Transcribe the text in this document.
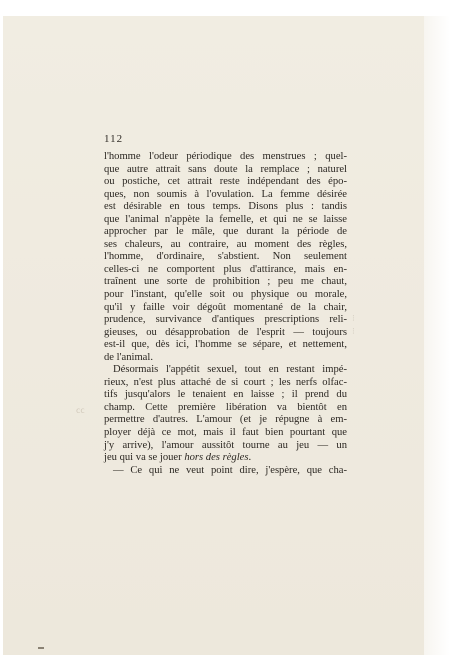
112
l'homme l'odeur périodique des menstrues ; quel-
que autre attrait sans doute la remplace ; naturel
ou postiche, cet attrait reste indépendant des épo-
ques, non soumis à l'ovulation. La femme désirée
est désirable en tous temps. Disons plus : tandis
que l'animal n'appète la femelle, et qui ne se laisse
approcher par le mâle, que durant la période de
ses chaleurs, au contraire, au moment des règles,
l'homme, d'ordinaire, s'abstient. Non seulement
celles-ci ne comportent plus d'attirance, mais en-
traînent une sorte de prohibition ; peu me chaut,
pour l'instant, qu'elle soit ou physique ou morale,
qu'il y faille voir dégoût momentané de la chair,
prudence, survivance d'antiques prescriptions reli-
gieuses, ou désapprobation de l'esprit — toujours
est-il que, dès ici, l'homme se sépare, et nettement,
de l'animal.
Désormais l'appétit sexuel, tout en restant impé-
rieux, n'est plus attaché de si court ; les nerfs olfac-
tifs jusqu'alors le tenaient en laisse ; il prend du
champ. Cette première libération va bientôt en
permettre d'autres. L'amour (et je répugne à em-
ployer déjà ce mot, mais il faut bien pourtant que
j'y arrive), l'amour aussitôt tourne au jeu — un
jeu qui va se jouer hors des règles.
— Ce qui ne veut point dire, j'espère, que cha-
⁝
⁝
ⅽⅽ
